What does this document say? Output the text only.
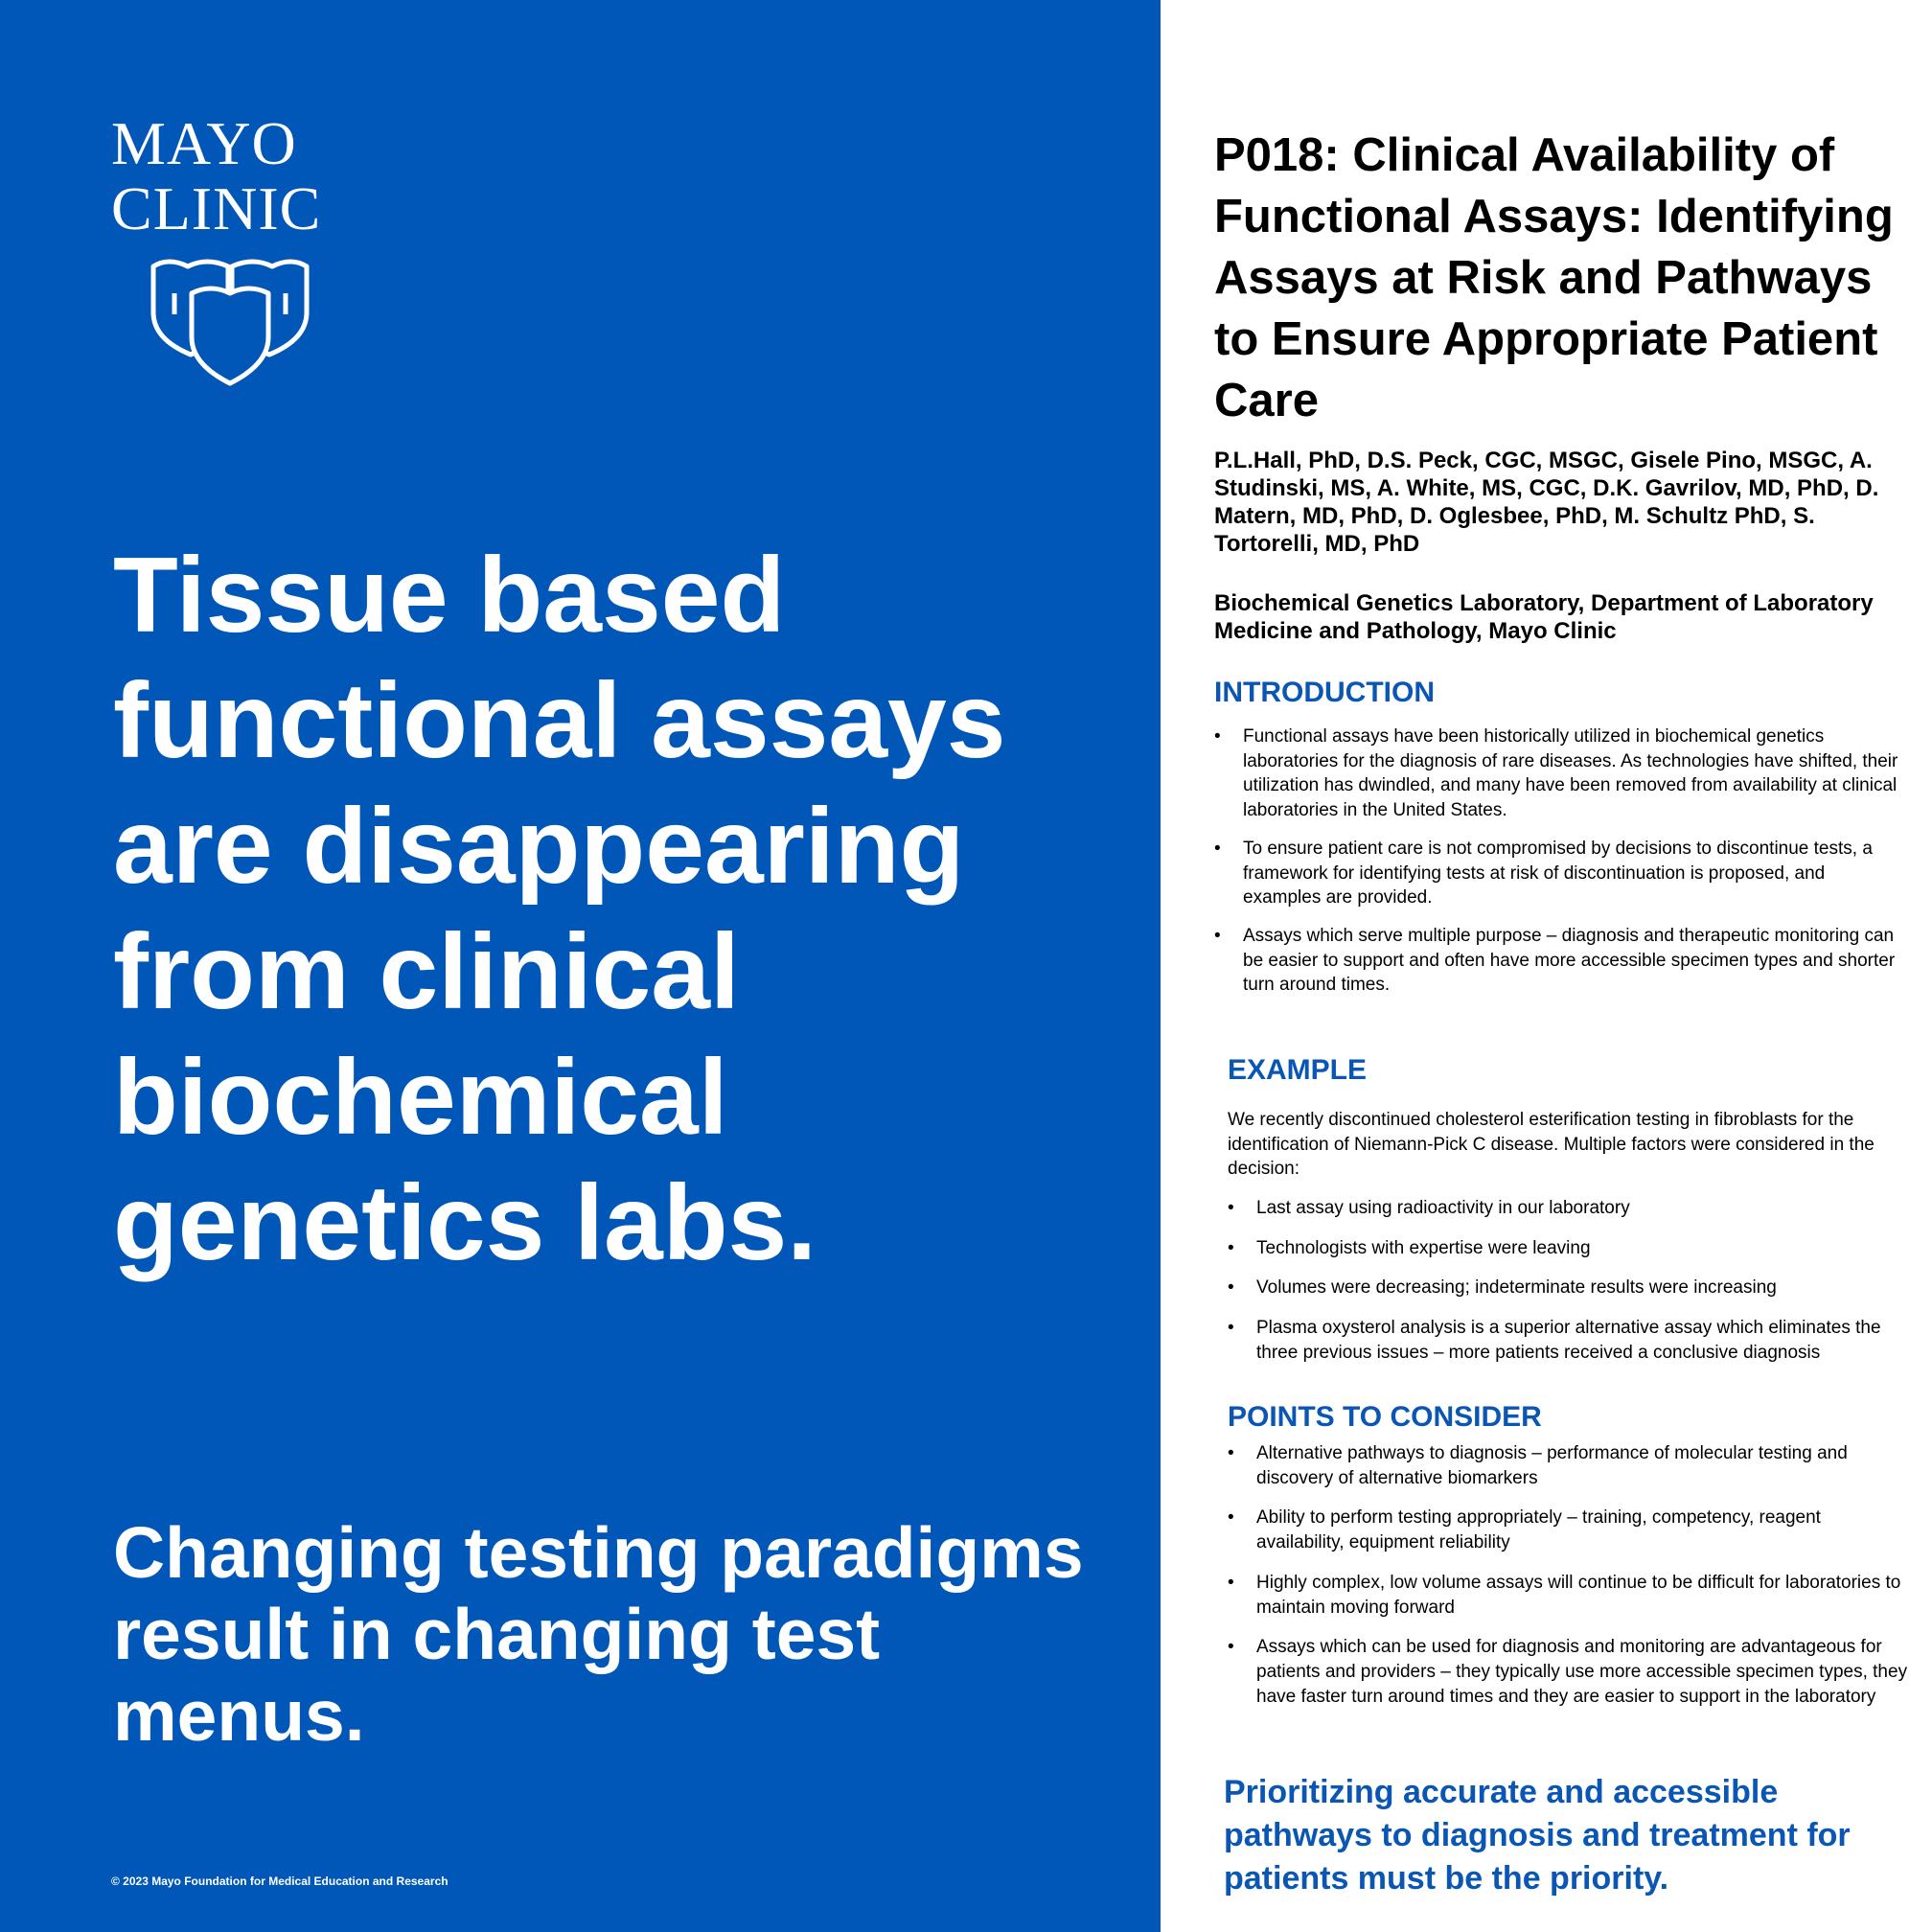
MAYO
CLINIC
Tissue based functional assays are disappearing from clinical biochemical genetics labs.
Changing testing paradigms result in changing test menus.
© 2023 Mayo Foundation for Medical Education and Research
P018: Clinical Availability of Functional Assays: Identifying Assays at Risk and Pathways to Ensure Appropriate Patient Care
P.L.Hall, PhD, D.S. Peck, CGC, MSGC, Gisele Pino, MSGC, A. Studinski, MS, A. White, MS, CGC, D.K. Gavrilov, MD, PhD, D. Matern, MD, PhD, D. Oglesbee, PhD, M. Schultz PhD, S. Tortorelli, MD, PhD
Biochemical Genetics Laboratory, Department of Laboratory Medicine and Pathology, Mayo Clinic
INTRODUCTION
• Functional assays have been historically utilized in biochemical genetics laboratories for the diagnosis of rare diseases. As technologies have shifted, their utilization has dwindled, and many have been removed from availability at clinical laboratories in the United States.
• To ensure patient care is not compromised by decisions to discontinue tests, a framework for identifying tests at risk of discontinuation is proposed, and examples are provided.
• Assays which serve multiple purpose – diagnosis and therapeutic monitoring can be easier to support and often have more accessible specimen types and shorter turn around times.
EXAMPLE
We recently discontinued cholesterol esterification testing in fibroblasts for the identification of Niemann-Pick C disease. Multiple factors were considered in the decision:
• Last assay using radioactivity in our laboratory
• Technologists with expertise were leaving
• Volumes were decreasing; indeterminate results were increasing
• Plasma oxysterol analysis is a superior alternative assay which eliminates the three previous issues – more patients received a conclusive diagnosis
POINTS TO CONSIDER
• Alternative pathways to diagnosis – performance of molecular testing and discovery of alternative biomarkers
• Ability to perform testing appropriately – training, competency, reagent availability, equipment reliability
• Highly complex, low volume assays will continue to be difficult for laboratories to maintain moving forward
• Assays which can be used for diagnosis and monitoring are advantageous for patients and providers – they typically use more accessible specimen types, they have faster turn around times and they are easier to support in the laboratory
Prioritizing accurate and accessible pathways to diagnosis and treatment for patients must be the priority.
